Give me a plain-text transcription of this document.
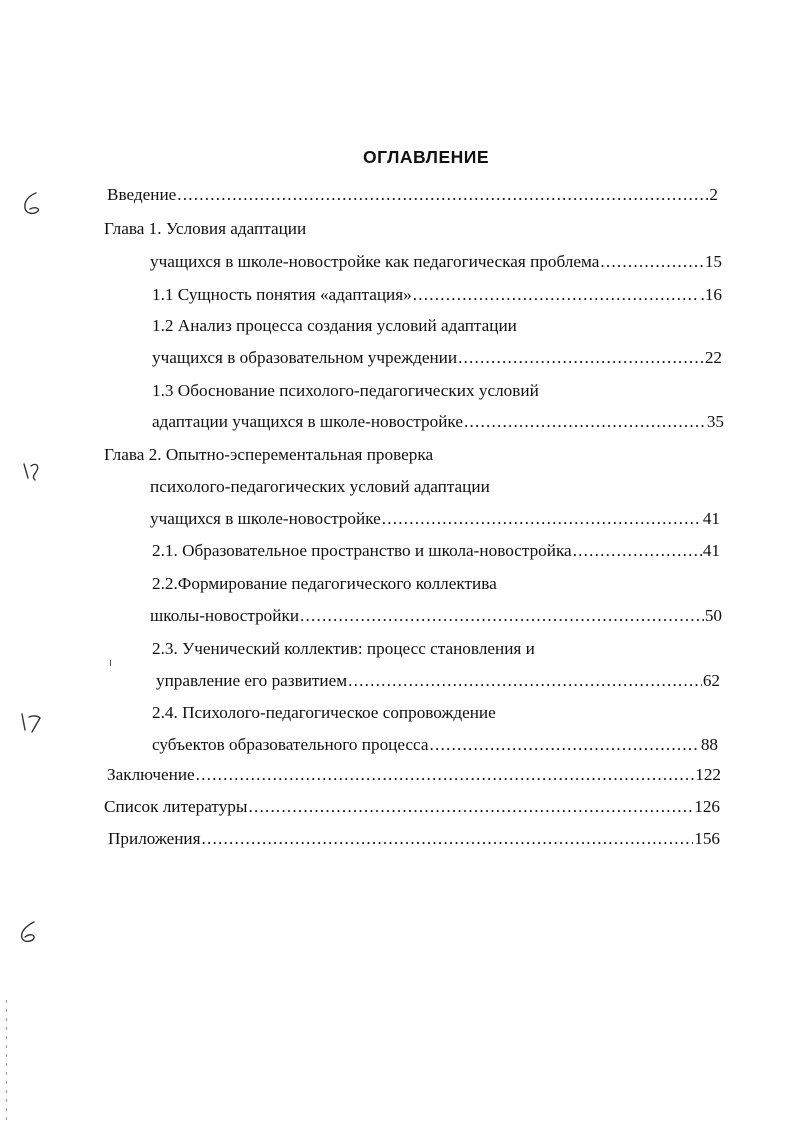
ОГЛАВЛЕНИЕ
Введение .....	2
Глава 1. Условия адаптации
учащихся в школе-новостройке как педагогическая проблема .....	15
1.1 Сущность понятия «адаптация» .....	.16
1.2 Анализ процесса создания условий адаптации
учащихся в образовательном учреждении .....	22
1.3 Обоснование психолого-педагогических условий
адаптации учащихся в школе-новостройке .....	35
Глава 2. Опытно-эсперементальная проверка
психолого-педагогических условий адаптации
учащихся в школе-новостройке .....	41
2.1. Образовательное пространство и школа-новостройка .....	41
2.2.Формирование педагогического коллектива
школы-новостройки .....	50
2.3. Ученический коллектив: процесс становления и
управление его развитием .....	62
2.4. Психолого-педагогическое сопровождение
субъектов образовательного процесса .....	88
Заключение .....	122
Список литературы .....	126
Приложения .....	156
